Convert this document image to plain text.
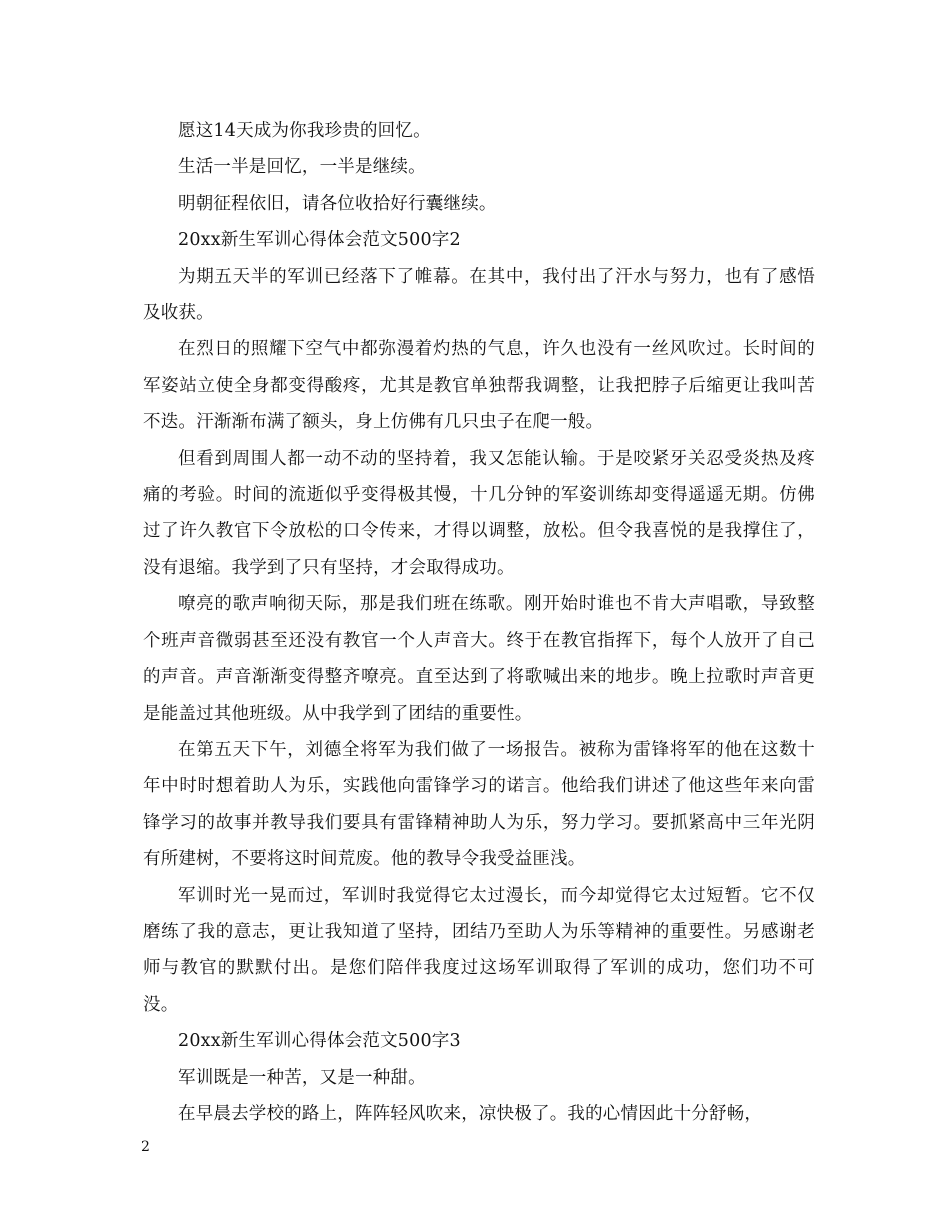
愿这14天成为你我珍贵的回忆。

生活一半是回忆，一半是继续。

明朝征程依旧，请各位收拾好行囊继续。

20xx新生军训心得体会范文500字2

为期五天半的军训已经落下了帷幕。在其中，我付出了汗水与努力，也有了感悟及收获。

在烈日的照耀下空气中都弥漫着灼热的气息，许久也没有一丝风吹过。长时间的军姿站立使全身都变得酸疼，尤其是教官单独帮我调整，让我把脖子后缩更让我叫苦不迭。汗渐渐布满了额头，身上仿佛有几只虫子在爬一般。

但看到周围人都一动不动的坚持着，我又怎能认输。于是咬紧牙关忍受炎热及疼痛的考验。时间的流逝似乎变得极其慢，十几分钟的军姿训练却变得遥遥无期。仿佛过了许久教官下令放松的口令传来，才得以调整，放松。但令我喜悦的是我撑住了，没有退缩。我学到了只有坚持，才会取得成功。

嘹亮的歌声响彻天际，那是我们班在练歌。刚开始时谁也不肯大声唱歌，导致整个班声音微弱甚至还没有教官一个人声音大。终于在教官指挥下，每个人放开了自己的声音。声音渐渐变得整齐嘹亮。直至达到了将歌喊出来的地步。晚上拉歌时声音更是能盖过其他班级。从中我学到了团结的重要性。

在第五天下午，刘德全将军为我们做了一场报告。被称为雷锋将军的他在这数十年中时时想着助人为乐，实践他向雷锋学习的诺言。他给我们讲述了他这些年来向雷锋学习的故事并教导我们要具有雷锋精神助人为乐，努力学习。要抓紧高中三年光阴有所建树，不要将这时间荒废。他的教导令我受益匪浅。

军训时光一晃而过，军训时我觉得它太过漫长，而今却觉得它太过短暂。它不仅磨练了我的意志，更让我知道了坚持，团结乃至助人为乐等精神的重要性。另感谢老师与教官的默默付出。是您们陪伴我度过这场军训取得了军训的成功，您们功不可没。

20xx新生军训心得体会范文500字3

军训既是一种苦，又是一种甜。

在早晨去学校的路上，阵阵轻风吹来，凉快极了。我的心情因此十分舒畅，

2
